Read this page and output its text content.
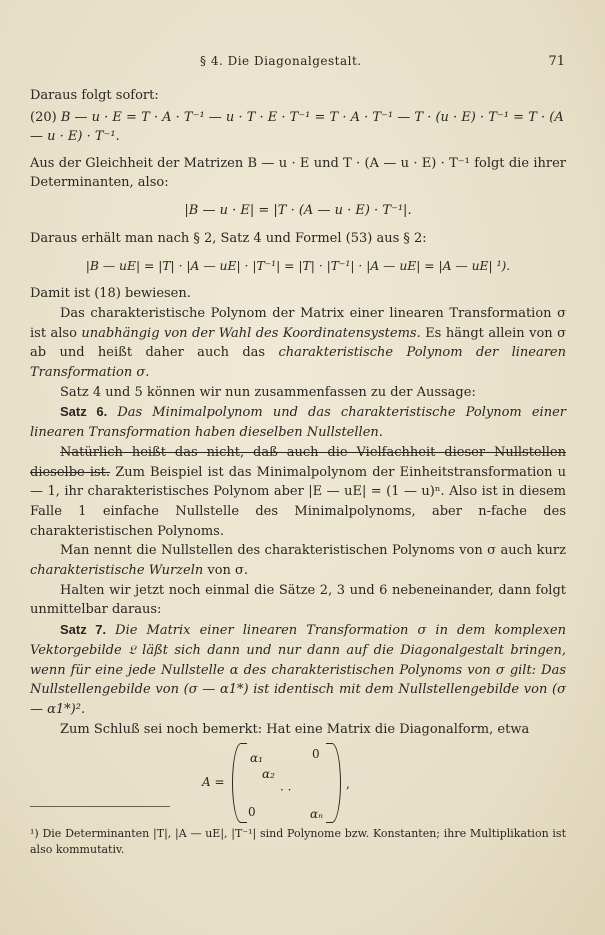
§ 4. Die Diagonalgestalt.	71

Daraus folgt sofort:

(20) B — u · E = T · A · T⁻¹ — u · T · E · T⁻¹ = T · A · T⁻¹ — T · (u · E) · T⁻¹ = T · (A — u · E) · T⁻¹.

Aus der Gleichheit der Matrizen B — u · E und T · (A — u · E) · T⁻¹ folgt die ihrer Determinanten, also:

|B — u · E| = |T · (A — u · E) · T⁻¹|.

Daraus erhält man nach § 2, Satz 4 und Formel (53) aus § 2:

|B — uE| = |T| · |A — uE| · |T⁻¹| = |T| · |T⁻¹| · |A — uE| = |A — uE| ¹).

Damit ist (18) bewiesen.

Das charakteristische Polynom der Matrix einer linearen Transformation σ ist also unabhängig von der Wahl des Koordinatensystems. Es hängt allein von σ ab und heißt daher auch das charakteristische Polynom der linearen Transformation σ.

Satz 4 und 5 können wir nun zusammenfassen zu der Aussage:

Satz 6. Das Minimalpolynom und das charakteristische Polynom einer linearen Transformation haben dieselben Nullstellen.

Natürlich heißt das nicht, daß auch die Vielfachheit dieser Nullstellen dieselbe ist. Zum Beispiel ist das Minimalpolynom der Einheitstransformation u — 1, ihr charakteristisches Polynom aber |E — uE| = (1 — u)ⁿ. Also ist in diesem Falle 1 einfache Nullstelle des Minimalpolynoms, aber n-fache des charakteristischen Polynoms.

Man nennt die Nullstellen des charakteristischen Polynoms von σ auch kurz charakteristische Wurzeln von σ.

Halten wir jetzt noch einmal die Sätze 2, 3 und 6 nebeneinander, dann folgt unmittelbar daraus:

Satz 7. Die Matrix einer linearen Transformation σ in dem komplexen Vektorgebilde 𝔏 läßt sich dann und nur dann auf die Diagonalgestalt bringen, wenn für eine jede Nullstelle α des charakteristischen Polynoms von σ gilt: Das Nullstellengebilde von (σ — α1*) ist identisch mit dem Nullstellengebilde von (σ — α1*)².

Zum Schluß sei noch bemerkt: Hat eine Matrix die Diagonalform, etwa

A =
α₁	0
α₂
· ·
0	αₙ
,

¹) Die Determinanten |T|, |A — uE|, |T⁻¹| sind Polynome bzw. Konstanten; ihre Multiplikation ist also kommutativ.
